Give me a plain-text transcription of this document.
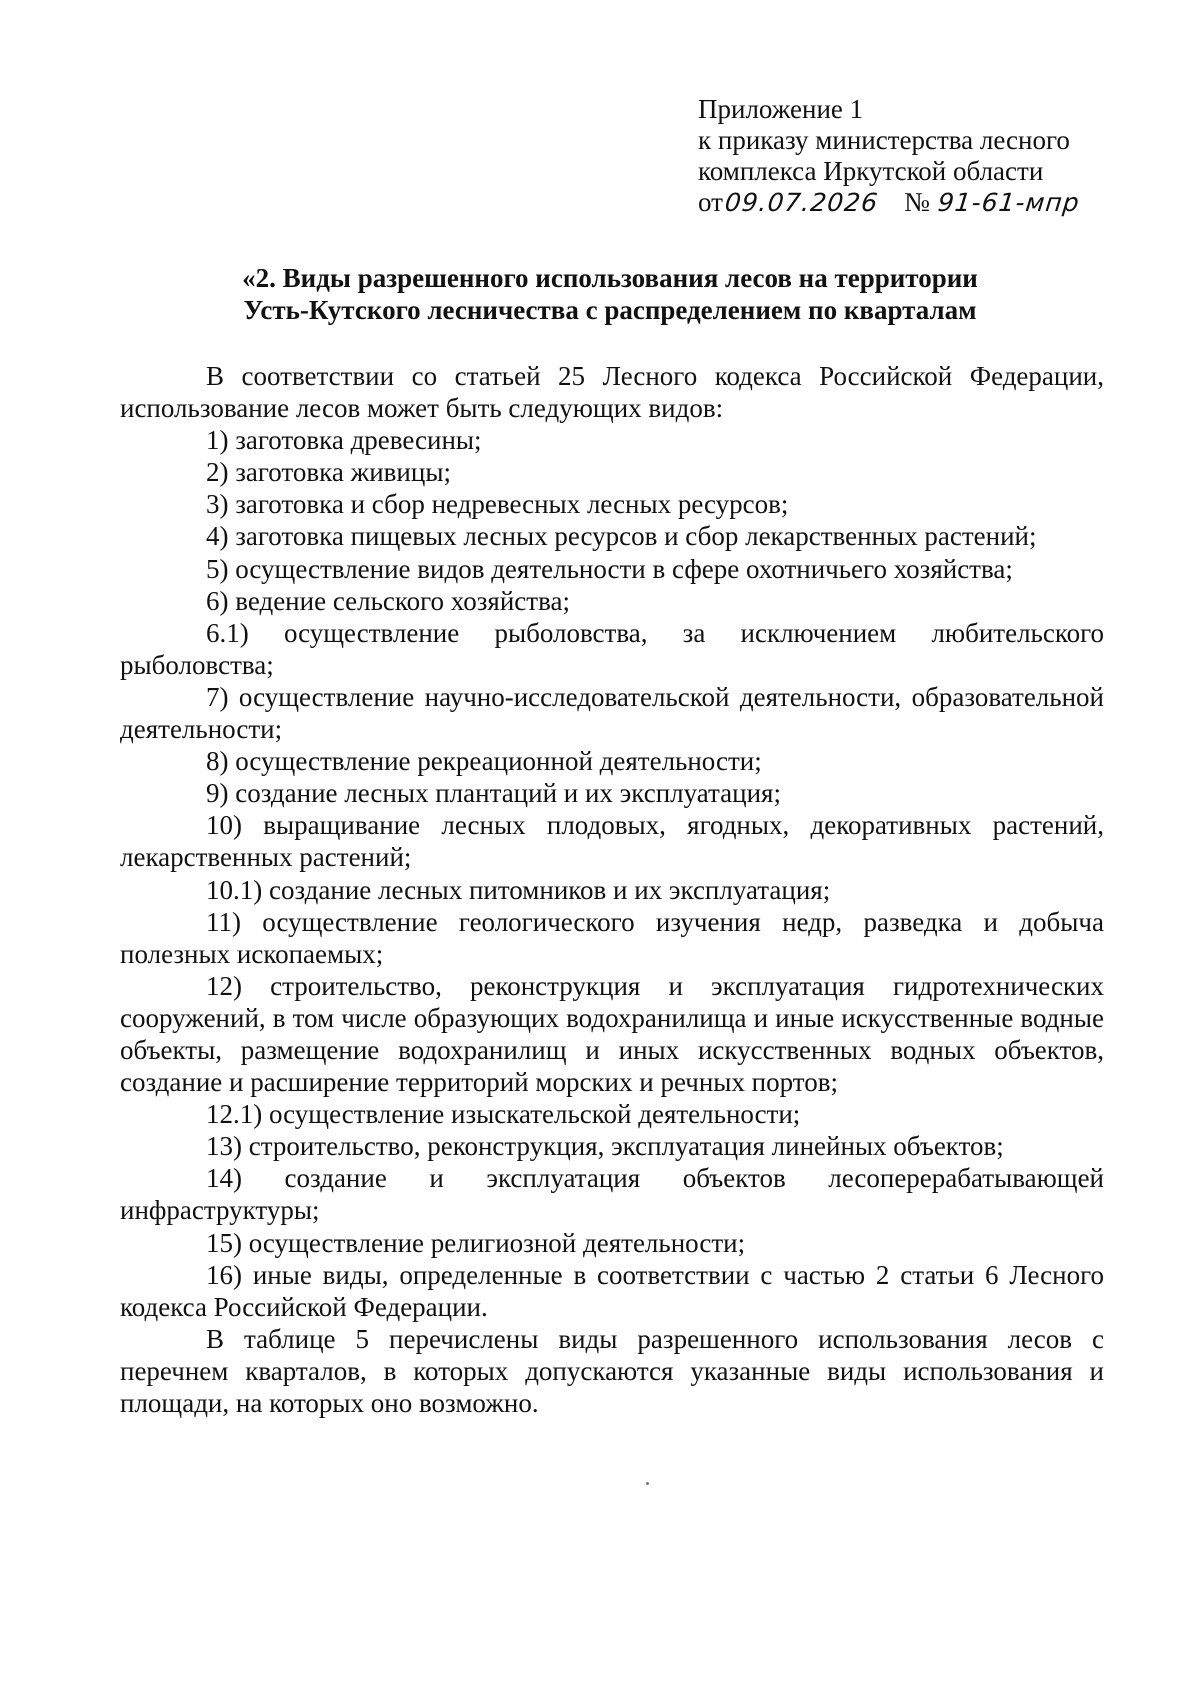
Приложение 1
к приказу министерства лесного
комплекса Иркутской области
от09.07.2026 № 91-61-мпр
«2. Виды разрешенного использования лесов на территории
Усть-Кутского лесничества с распределением по кварталам

В соответствии со статьей 25 Лесного кодекса Российской Федерации, использование лесов может быть следующих видов:

1) заготовка древесины;

2) заготовка живицы;

3) заготовка и сбор недревесных лесных ресурсов;

4) заготовка пищевых лесных ресурсов и сбор лекарственных растений;

5) осуществление видов деятельности в сфере охотничьего хозяйства;

6) ведение сельского хозяйства;

6.1) осуществление рыболовства, за исключением любительского рыболовства;

7) осуществление научно-исследовательской деятельности, образовательной деятельности;

8) осуществление рекреационной деятельности;

9) создание лесных плантаций и их эксплуатация;

10) выращивание лесных плодовых, ягодных, декоративных растений, лекарственных растений;

10.1) создание лесных питомников и их эксплуатация;

11) осуществление геологического изучения недр, разведка и добыча полезных ископаемых;

12) строительство, реконструкция и эксплуатация гидротехнических сооружений, в том числе образующих водохранилища и иные искусственные водные объекты, размещение водохранилищ и иных искусственных водных объектов, создание и расширение территорий морских и речных портов;

12.1) осуществление изыскательской деятельности;

13) строительство, реконструкция, эксплуатация линейных объектов;

14) создание и эксплуатация объектов лесоперерабатывающей инфраструктуры;

15) осуществление религиозной деятельности;

16) иные виды, определенные в соответствии с частью 2 статьи 6 Лесного кодекса Российской Федерации.

В таблице 5 перечислены виды разрешенного использования лесов с перечнем кварталов, в которых допускаются указанные виды использования и площади, на которых оно возможно.
